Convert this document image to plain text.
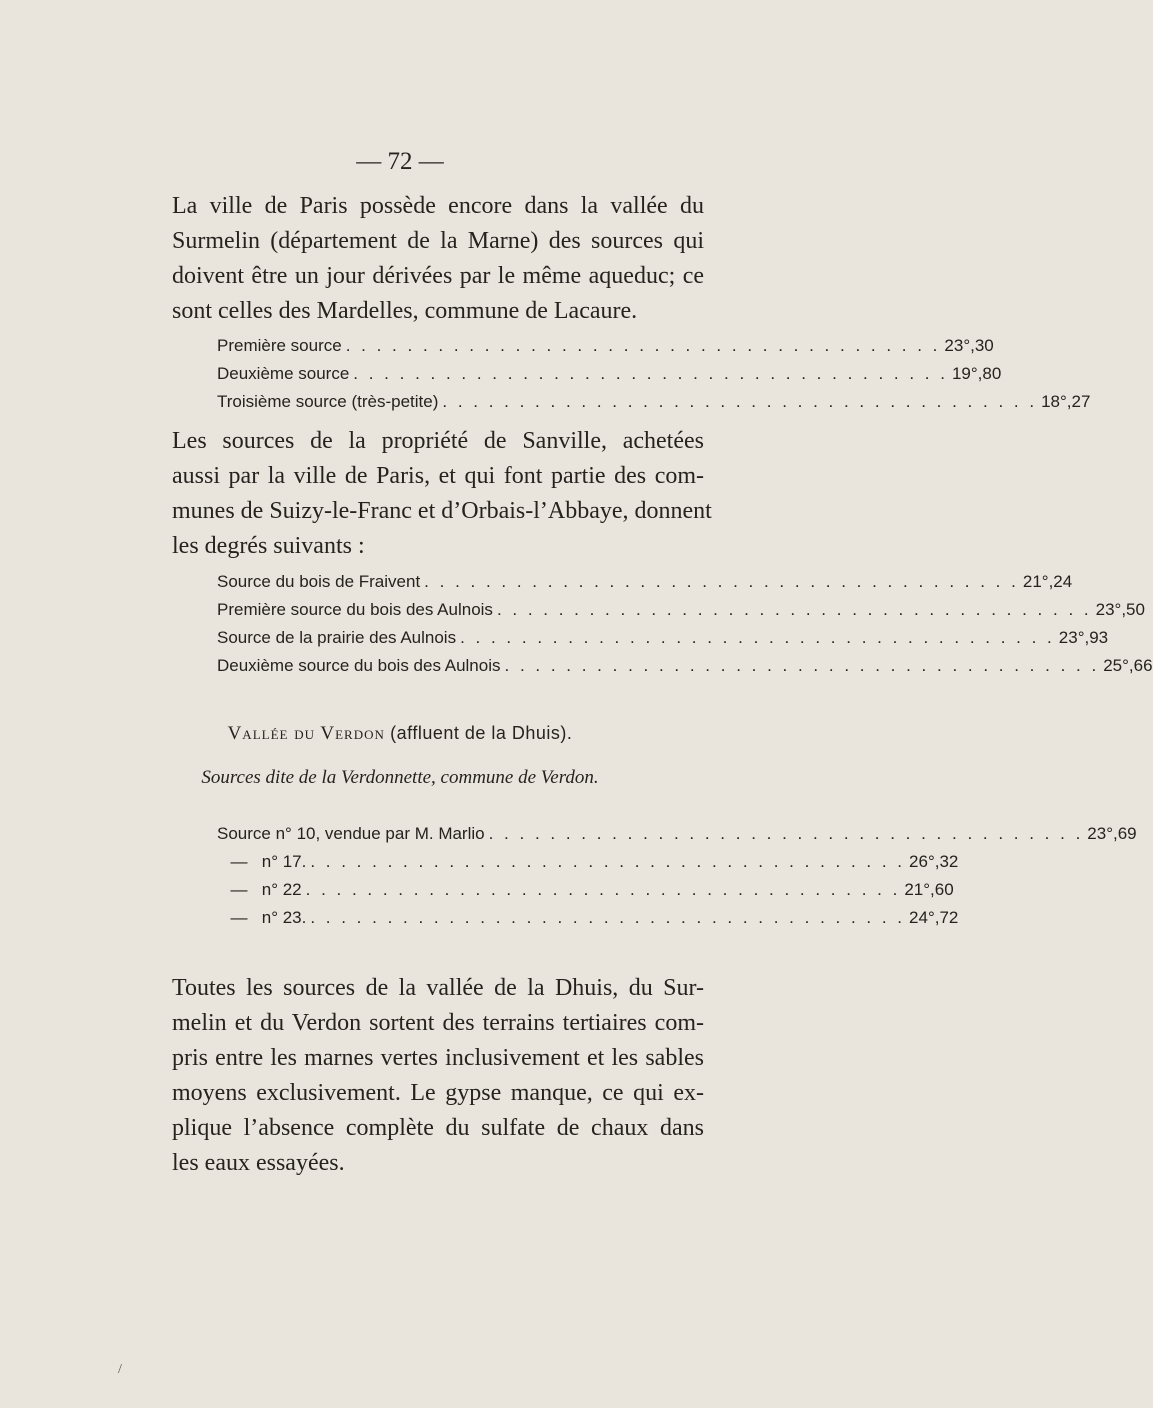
— 72 —

La ville de Paris possède encore dans la vallée du
Surmelin (département de la Marne) des sources qui
doivent être un jour dérivées par le même aqueduc; ce
sont celles des Mardelles, commune de Lacaure.

Première source . . . . . . . . . . . . . . . . . . . . . . . . . . . . . . . . . . . . . . . 23°,30
Deuxième source . . . . . . . . . . . . . . . . . . . . . . . . . . . . . . . . . . . . . . . 19°,80
Troisième source (très-petite) . . . . . . . . . . . . . . . . . . . . . . . . . . . . . . . . . . . . . . . 18°,27

Les sources de la propriété de Sanville, achetées
aussi par la ville de Paris, et qui font partie des com-
munes de Suizy-le-Franc et d’Orbais-l’Abbaye, donnent
les degrés suivants :

Source du bois de Fraivent . . . . . . . . . . . . . . . . . . . . . . . . . . . . . . . . . . . . . . . 21°,24
Première source du bois des Aulnois . . . . . . . . . . . . . . . . . . . . . . . . . . . . . . . . . . . . . . . 23°,50
Source de la prairie des Aulnois . . . . . . . . . . . . . . . . . . . . . . . . . . . . . . . . . . . . . . . 23°,93
Deuxième source du bois des Aulnois . . . . . . . . . . . . . . . . . . . . . . . . . . . . . . . . . . . . . . . 25°,66
Vallée du Verdon (affluent de la Dhuis).
Sources dite de la Verdonnette, commune de Verdon.
Source n° 10, vendue par M. Marlio . . . . . . . . . . . . . . . . . . . . . . . . . . . . . . . . . . . . . . . 23°,69
— n° 17. . . . . . . . . . . . . . . . . . . . . . . . . . . . . . . . . . . . . . . . 26°,32
— n° 22 . . . . . . . . . . . . . . . . . . . . . . . . . . . . . . . . . . . . . . . 21°,60
— n° 23. . . . . . . . . . . . . . . . . . . . . . . . . . . . . . . . . . . . . . . . 24°,72

Toutes les sources de la vallée de la Dhuis, du Sur-
melin et du Verdon sortent des terrains tertiaires com-
pris entre les marnes vertes inclusivement et les sables
moyens exclusivement. Le gypse manque, ce qui ex-
plique l’absence complète du sulfate de chaux dans
les eaux essayées.

/
